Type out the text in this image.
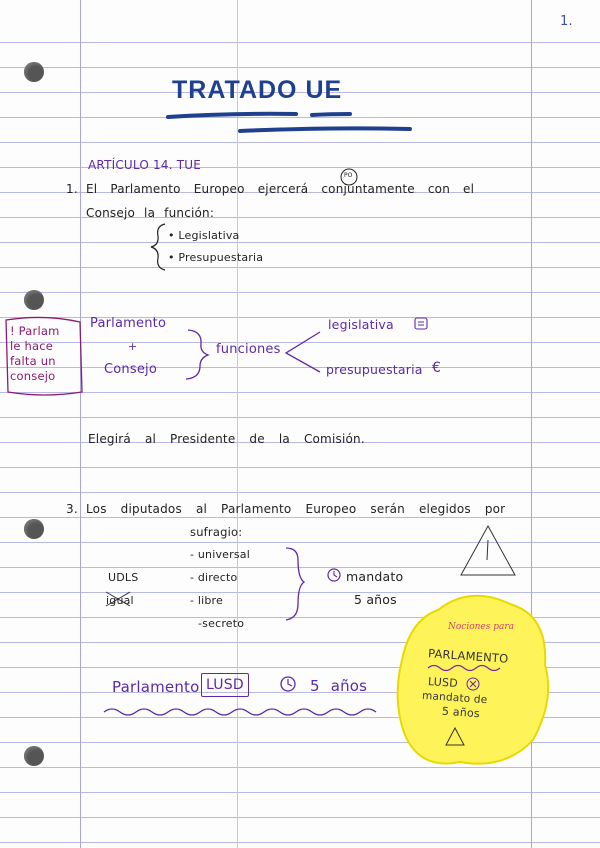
1.
TRATADO UE
ARTÍCULO 14. TUE
PO
1. El Parlamento Europeo ejercerá conjuntamente con el
Consejo la función:
• Legislativa
• Presupuestaria
! Parlam
le hace
falta un
consejo
Parlamento
+
Consejo
funciones
legislativa
presupuestaria €
Elegirá al Presidente de la Comisión.
3. Los diputados al Parlamento Europeo serán elegidos por
sufragio:
- universal
- directo
- libre
-secreto
UDLS
igual
mandato
5 años
Parlamento LUSD	5 años
Nociones para
PARLAMENTO
LUSD
mandato de
5 años
